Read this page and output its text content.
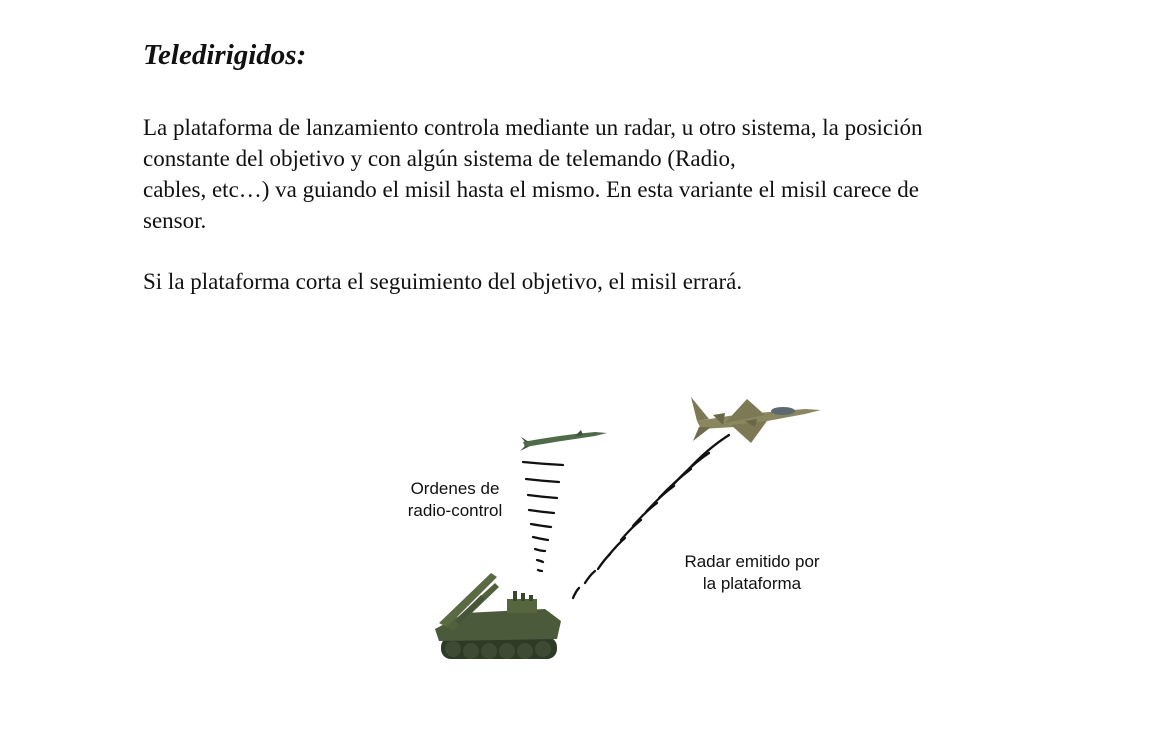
Teledirigidos:
La plataforma de lanzamiento controla mediante un radar, u otro sistema, la posición
constante del objetivo y con algún sistema de telemando (Radio,
cables, etc…) va guiando el misil hasta el mismo. En esta variante el misil carece de
sensor.

Si la plataforma corta el seguimiento del objetivo, el misil errará.

Ordenes de
radio-control
Radar emitido por
la plataforma
